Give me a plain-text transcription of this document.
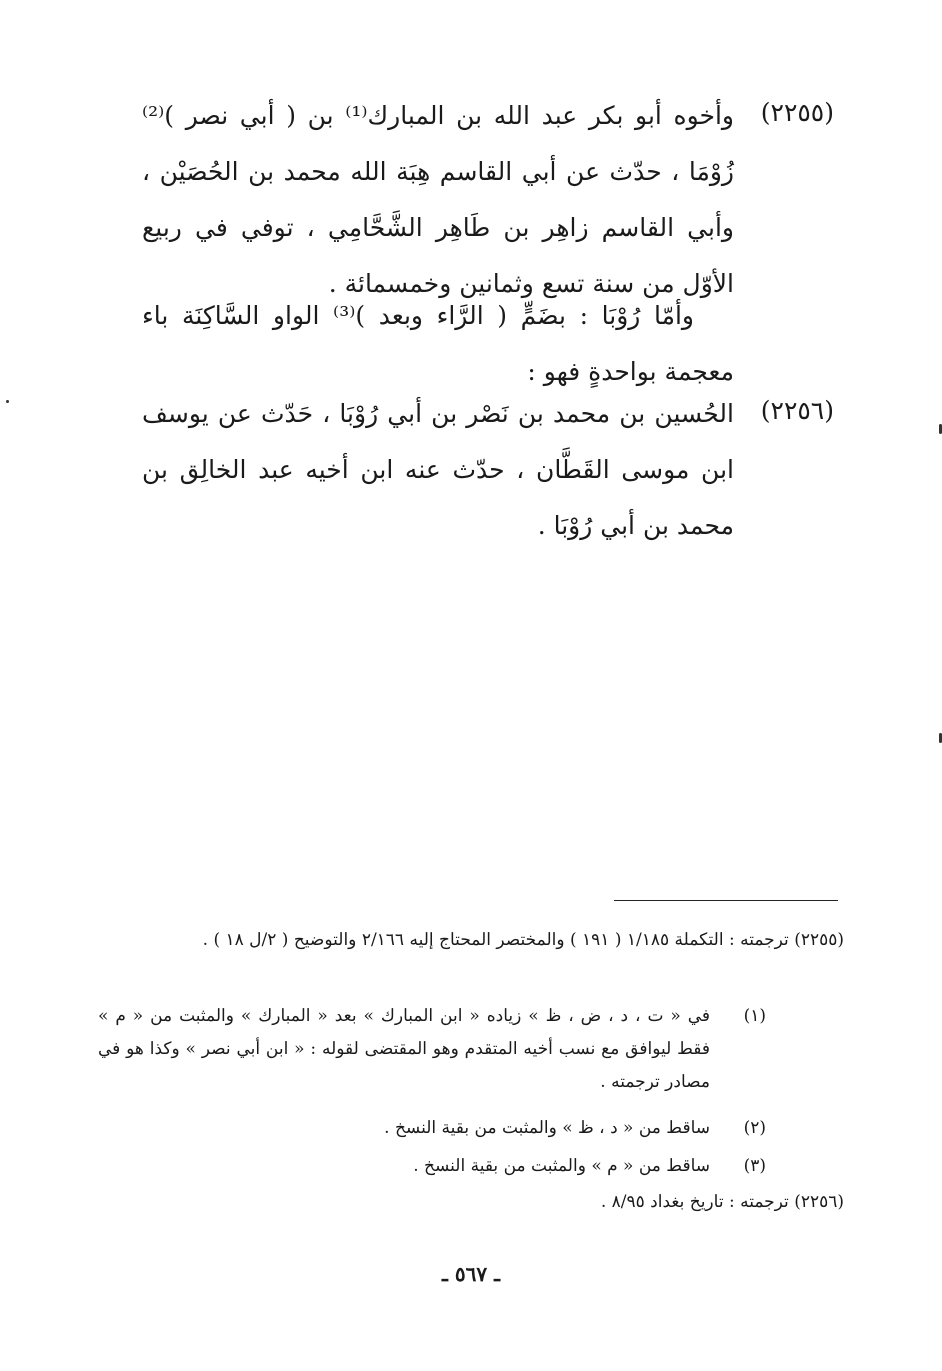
(٢٢٥٥)
وأخوه أبو بكر عبد الله بن المبارك⁽¹⁾ بن ( أبي نصر )⁽²⁾ زُوْمَا ، حدّث عن أبي القاسم هِبَة الله محمد بن الحُصَيْن ، وأبي القاسم زاهِر بن طَاهِر الشَّحَّامِي ، توفي في ربيع الأوّل من سنة تسع وثمانين وخمسمائة .
وأمّا رُوْبَا : بضَمٍّ ( الرَّاء وبعد )⁽³⁾ الواو السَّاكِنَة باء معجمة بواحدةٍ فهو :
(٢٢٥٦)
الحُسين بن محمد بن نَصْر بن أبي رُوْبَا ، حَدّث عن يوسف ابن موسى القَطَّان ، حدّث عنه ابن أخيه عبد الخالِق بن محمد بن أبي رُوْبَا .
(٢٢٥٥) ترجمته : التكملة ١/١٨٥ ( ١٩١ ) والمختصر المحتاج إليه ٢/١٦٦ والتوضيح ( ٢/ل ١٨ ) .
(١)
في « ت ، د ، ض ، ظ » زياده « ابن المبارك » بعد « المبارك » والمثبت من « م » فقط ليوافق مع نسب أخيه المتقدم وهو المقتضى لقوله : « ابن أبي نصر » وكذا هو في مصادر ترجمته .
(٢)
ساقط من « د ، ظ » والمثبت من بقية النسخ .
(٣)
ساقط من « م » والمثبت من بقية النسخ .
(٢٢٥٦) ترجمته : تاريخ بغداد ٨/٩٥ .
ـ ٥٦٧ ـ
